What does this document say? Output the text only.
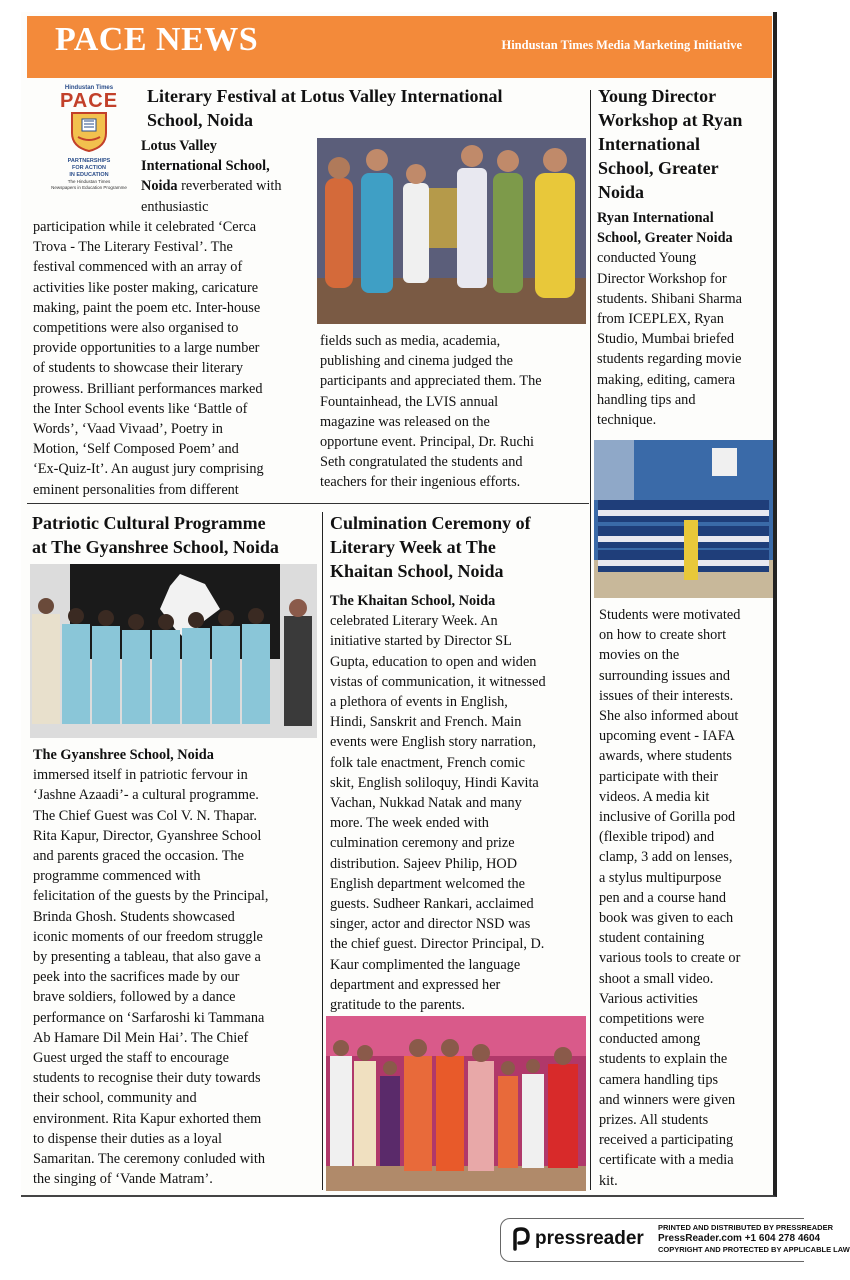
PACE NEWS	Hindustan Times Media Marketing Initiative
Hindustan Times
PACE
PARTNERSHIPS
FOR ACTION
IN EDUCATION
The Hindustan Times
Newspapers in Education Programme

Literary Festival at Lotus Valley International

School, Noida

Lotus Valley

International School,

Noida reverberated with

enthusiastic

participation while it celebrated ‘Cerca

Trova - The Literary Festival’. The

festival commenced with an array of

activities like poster making, caricature

making, paint the poem etc. Inter-house

competitions were also organised to

provide opportunities to a large number

of students to showcase their literary

prowess. Brilliant performances marked

the Inter School events like ‘Battle of

Words’, ‘Vaad Vivaad’, Poetry in

Motion, ‘Self Composed Poem’ and

‘Ex-Quiz-It’. An august jury comprising

eminent personalities from different

fields such as media, academia,

publishing and cinema judged the

participants and appreciated them. The

Fountainhead, the LVIS annual

magazine was released on the

opportune event. Principal, Dr. Ruchi

Seth congratulated the students and

teachers for their ingenious efforts.

Young Director

Workshop at Ryan

International

School, Greater

Noida

Ryan International

School, Greater Noida

conducted Young

Director Workshop for

students. Shibani Sharma

from ICEPLEX, Ryan

Studio, Mumbai briefed

students regarding movie

making, editing, camera

handling tips and

technique.

Students were motivated

on how to create short

movies on the

surrounding issues and

issues of their interests.

She also informed about

upcoming event - IAFA

awards, where students

participate with their

videos. A media kit

inclusive of Gorilla pod

(flexible tripod) and

clamp, 3 add on lenses,

a stylus multipurpose

pen and a course hand

book was given to each

student containing

various tools to create or

shoot a small video.

Various activities

competitions were

conducted among

students to explain the

camera handling tips

and winners were given

prizes. All students

received a participating

certificate with a media

kit.

Patriotic Cultural Programme

at The Gyanshree School, Noida

The Gyanshree School, Noida

immersed itself in patriotic fervour in

‘Jashne Azaadi’- a cultural programme.

The Chief Guest was Col V. N. Thapar.

Rita Kapur, Director, Gyanshree School

and parents graced the occasion. The

programme commenced with

felicitation of the guests by the Principal,

Brinda Ghosh. Students showcased

iconic moments of our freedom struggle

by presenting a tableau, that also gave a

peek into the sacrifices made by our

brave soldiers, followed by a dance

performance on ‘Sarfaroshi ki Tammana

Ab Hamare Dil Mein Hai’. The Chief

Guest urged the staff to encourage

students to recognise their duty towards

their school, community and

environment. Rita Kapur exhorted them

to dispense their duties as a loyal

Samaritan. The ceremony conluded with

the singing of ‘Vande Matram’.

Culmination Ceremony of

Literary Week at The

Khaitan School, Noida

The Khaitan School, Noida

celebrated Literary Week. An

initiative started by Director SL

Gupta, education to open and widen

vistas of communication, it witnessed

a plethora of events in English,

Hindi, Sanskrit and French. Main

events were English story narration,

folk tale enactment, French comic

skit, English soliloquy, Hindi Kavita

Vachan, Nukkad Natak and many

more. The week ended with

culmination ceremony and prize

distribution. Sajeev Philip, HOD

English department welcomed the

guests. Sudheer Rankari, acclaimed

singer, actor and director NSD was

the chief guest. Director Principal, D.

Kaur complimented the language

department and expressed her

gratitude to the parents.

pressreader
PRINTED AND DISTRIBUTED BY PRESSREADER
PressReader.com +1 604 278 4604
COPYRIGHT AND PROTECTED BY APPLICABLE LAW
